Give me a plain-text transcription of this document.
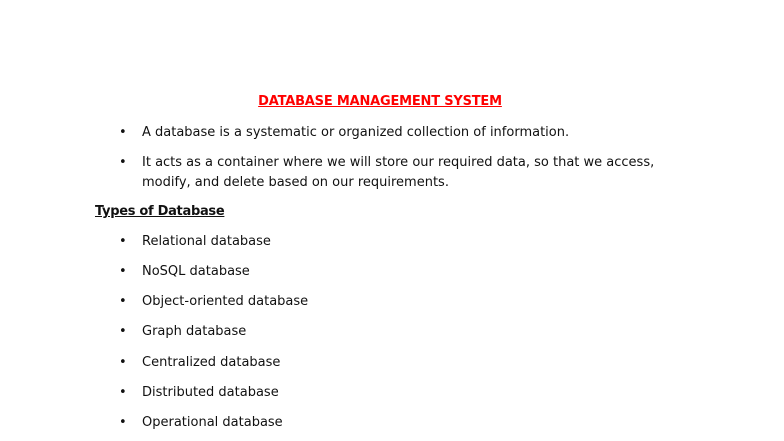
DATABASE MANAGEMENT SYSTEM
• A database is a systematic or organized collection of information.
• It acts as a container where we will store our required data, so that we access, modify, and delete based on our requirements.
Types of Database
• Relational database
• NoSQL database
• Object-oriented database
• Graph database
• Centralized database
• Distributed database
• Operational database
